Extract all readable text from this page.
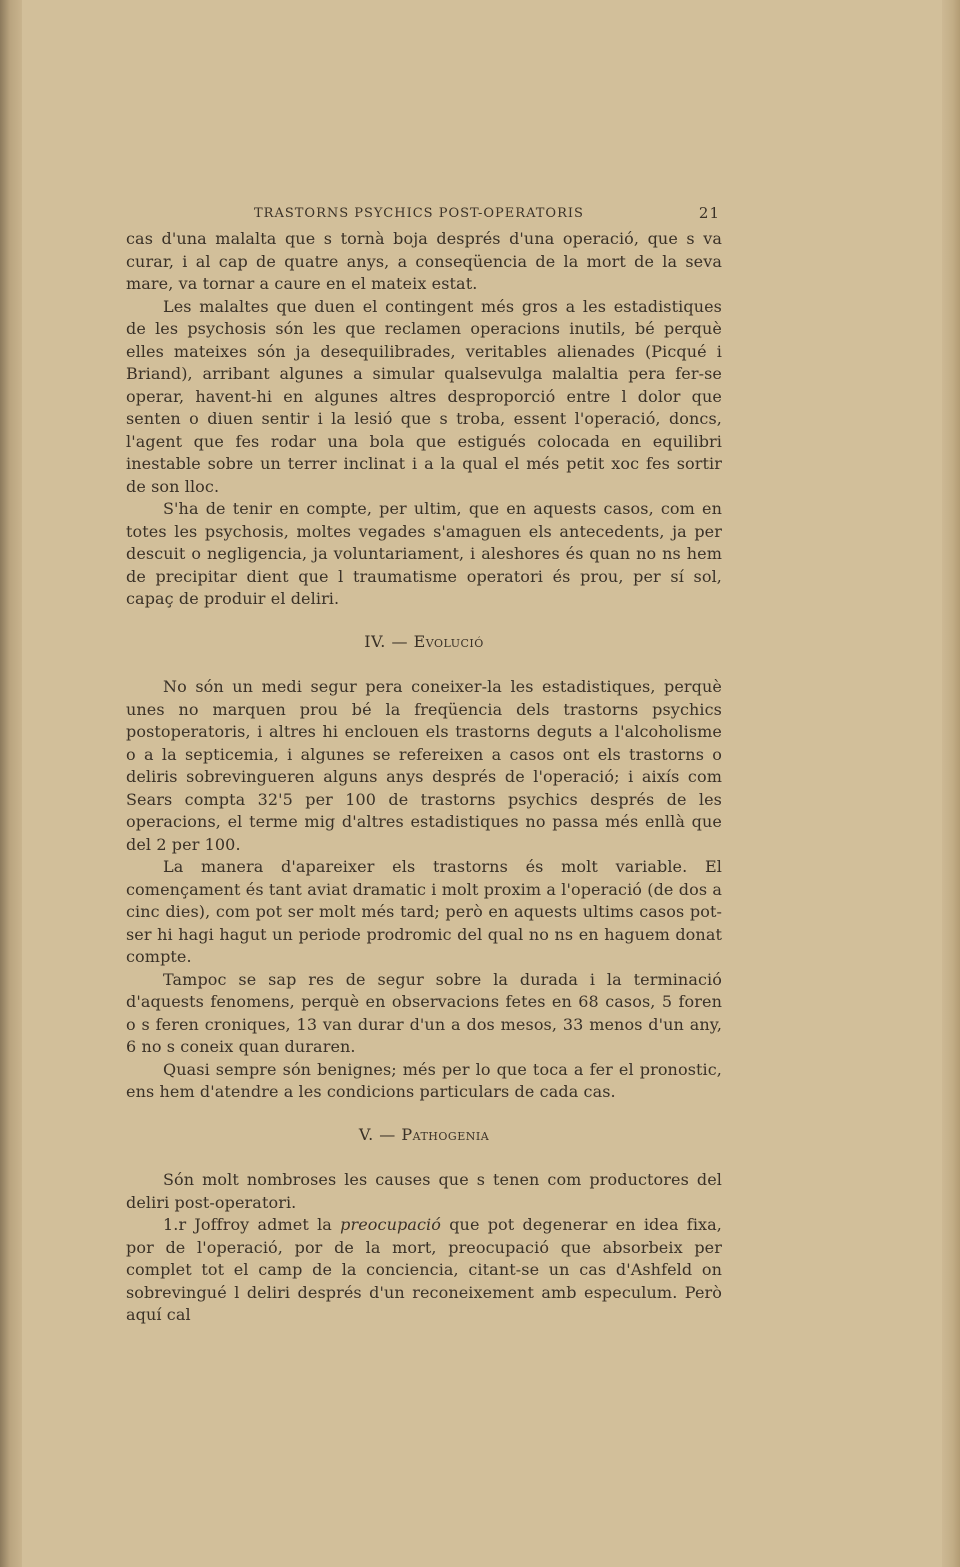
TRASTORNS PSYCHICS POST-OPERATORIS	21

cas d'una malalta que s tornà boja després d'una operació, que s va curar, i al cap de quatre anys, a conseqüencia de la mort de la seva mare, va tornar a caure en el mateix estat.

Les malaltes que duen el contingent més gros a les estadistiques de les psychosis són les que reclamen operacions inutils, bé perquè elles mateixes són ja desequilibrades, veritables alienades (Picqué i Briand), arribant algunes a simular qualsevulga malaltia pera fer-se operar, havent-hi en algunes altres desproporció entre l dolor que senten o diuen sentir i la lesió que s troba, essent l'operació, doncs, l'agent que fes rodar una bola que estigués colocada en equilibri inestable sobre un terrer inclinat i a la qual el més petit xoc fes sortir de son lloc.

S'ha de tenir en compte, per ultim, que en aquests casos, com en totes les psychosis, moltes vegades s'amaguen els antecedents, ja per descuit o negligencia, ja voluntariament, i aleshores és quan no ns hem de precipitar dient que l traumatisme operatori és prou, per sí sol, capaç de produir el deliri.

IV. — Evolució

No són un medi segur pera coneixer-la les estadistiques, perquè unes no marquen prou bé la freqüencia dels trastorns psychics postoperatoris, i altres hi enclouen els trastorns deguts a l'alcoholisme o a la septicemia, i algunes se refereixen a casos ont els trastorns o deliris sobrevingueren alguns anys després de l'operació; i aixís com Sears compta 32'5 per 100 de trastorns psychics després de les operacions, el terme mig d'altres estadistiques no passa més enllà que del 2 per 100.

La manera d'apareixer els trastorns és molt variable. El començament és tant aviat dramatic i molt proxim a l'operació (de dos a cinc dies), com pot ser molt més tard; però en aquests ultims casos pot-ser hi hagi hagut un periode prodromic del qual no ns en haguem donat compte.

Tampoc se sap res de segur sobre la durada i la terminació d'aquests fenomens, perquè en observacions fetes en 68 casos, 5 foren o s feren croniques, 13 van durar d'un a dos mesos, 33 menos d'un any, 6 no s coneix quan duraren.

Quasi sempre són benignes; més per lo que toca a fer el pronostic, ens hem d'atendre a les condicions particulars de cada cas.

V. — Pathogenia

Són molt nombroses les causes que s tenen com productores del deliri post-operatori.

1.r Joffroy admet la preocupació que pot degenerar en idea fixa, por de l'operació, por de la mort, preocupació que absorbeix per complet tot el camp de la conciencia, citant-se un cas d'Ashfeld on sobrevingué l deliri després d'un reconeixement amb especulum. Però aquí cal
